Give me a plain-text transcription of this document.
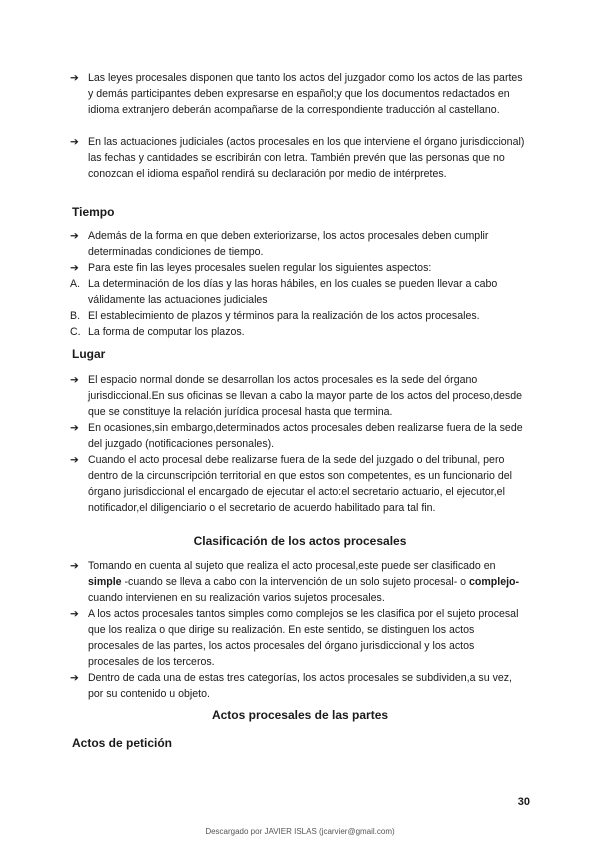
➔ Las leyes procesales disponen que tanto los actos del juzgador como los actos de las partes y demás participantes deben expresarse en español;y que los documentos redactados en idioma extranjero deberán acompañarse de la correspondiente traducción al castellano.

➔ En las actuaciones judiciales (actos procesales en los que interviene el órgano jurisdiccional) las fechas y cantidades se escribirán con letra. También prevén que las personas que no conozcan el idioma español rendirá su declaración por medio de intérpretes.

Tiempo
➔ Además de la forma en que deben exteriorizarse, los actos procesales deben cumplir determinadas condiciones de tiempo.

➔ Para este fin las leyes procesales suelen regular los siguientes aspectos:

A. La determinación de los días y las horas hábiles, en los cuales se pueden llevar a cabo válidamente las actuaciones judiciales

B. El establecimiento de plazos y términos para la realización de los actos procesales.

C. La forma de computar los plazos.

Lugar
➔ El espacio normal donde se desarrollan los actos procesales es la sede del órgano jurisdiccional.En sus oficinas se llevan a cabo la mayor parte de los actos del proceso,desde que se constituye la relación jurídica procesal hasta que termina.

➔ En ocasiones,sin embargo,determinados actos procesales deben realizarse fuera de la sede del juzgado (notificaciones personales).

➔ Cuando el acto procesal debe realizarse fuera de la sede del juzgado o del tribunal, pero dentro de la circunscripción territorial en que estos son competentes, es un funcionario del órgano jurisdiccional el encargado de ejecutar el acto:el secretario actuario, el ejecutor,el notificador,el diligenciario o el secretario de acuerdo habilitado para tal fin.

Clasificación de los actos procesales
➔ Tomando en cuenta al sujeto que realiza el acto procesal,este puede ser clasificado en simple -cuando se lleva a cabo con la intervención de un solo sujeto procesal- o complejo- cuando intervienen en su realización varios sujetos procesales.

➔ A los actos procesales tantos simples como complejos se les clasifica por el sujeto procesal que los realiza o que dirige su realización. En este sentido, se distinguen los actos procesales de las partes, los actos procesales del órgano jurisdiccional y los actos procesales de los terceros.

➔ Dentro de cada una de estas tres categorías, los actos procesales se subdividen,a su vez, por su contenido u objeto.

Actos procesales de las partes
Actos de petición
30
Descargado por JAVIER ISLAS (jcarvier@gmail.com)
